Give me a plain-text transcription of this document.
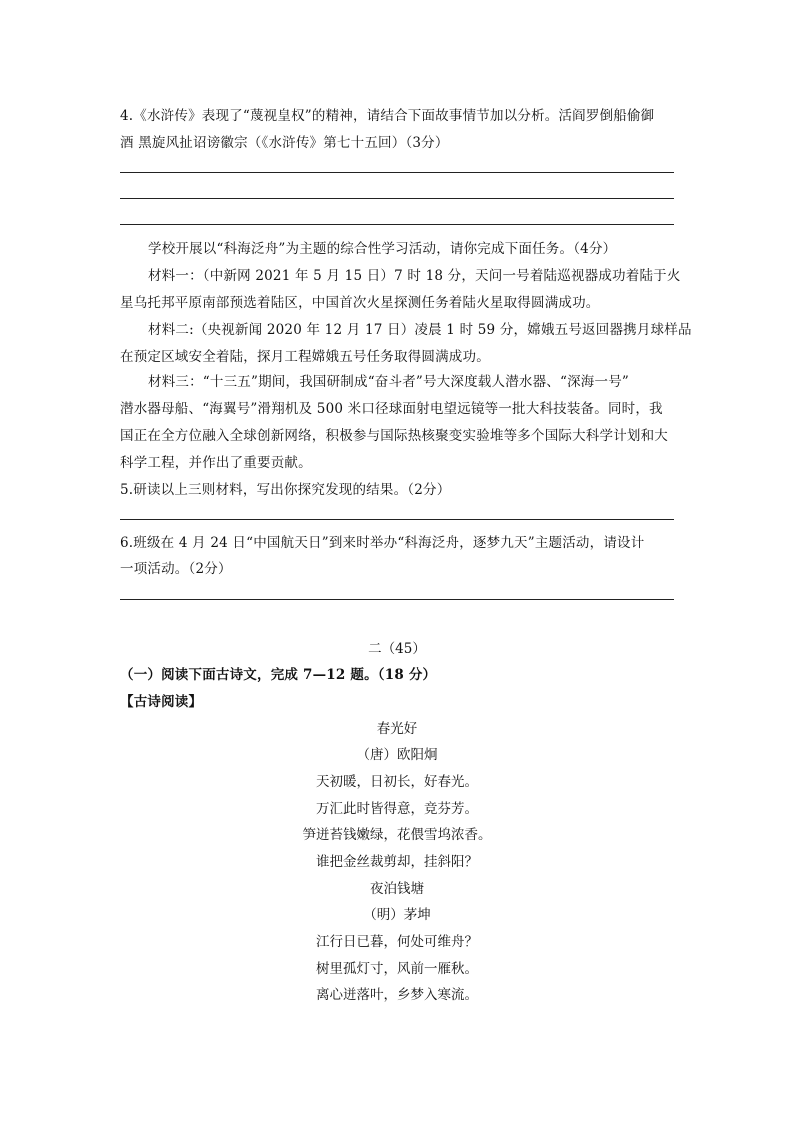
4.《水浒传》表现了“蔑视皇权”的精神，请结合下面故事情节加以分析。活阎罗倒船偷御
酒 黑旋风扯诏谤徽宗（《水浒传》第七十五回）（3分）
学校开展以“科海泛舟”为主题的综合性学习活动，请你完成下面任务。（4分）
材料一：（中新网 2021 年 5 月 15 日）7 时 18 分，天问一号着陆巡视器成功着陆于火
星乌托邦平原南部预选着陆区，中国首次火星探测任务着陆火星取得圆满成功。
材料二:（央视新闻 2020 年 12 月 17 日）凌晨 1 时 59 分，嫦娥五号返回器携月球样品
在预定区域安全着陆，探月工程嫦娥五号任务取得圆满成功。
材料三：“十三五”期间，我国研制成“奋斗者”号大深度载人潜水器、“深海一号”
潜水器母船、“海翼号”滑翔机及 500 米口径球面射电望远镜等一批大科技装备。同时，我
国正在全方位融入全球创新网络，积极参与国际热核聚变实验堆等多个国际大科学计划和大
科学工程，并作出了重要贡献。
5.研读以上三则材料，写出你探究发现的结果。（2分）
6.班级在 4 月 24 日“中国航天日”到来时举办“科海泛舟，逐梦九天”主题活动，请设计
一项活动。（2分）
二（45）
（一）阅读下面古诗文，完成 7—12 题。（18 分）
【古诗阅读】
春光好
（唐）欧阳炯
天初暖，日初长，好春光。
万汇此时皆得意，竞芬芳。
笋迸苔钱嫩绿，花偎雪坞浓香。
谁把金丝裁剪却，挂斜阳？
夜泊钱塘
（明）茅坤
江行日已暮，何处可维舟？
树里孤灯寸，风前一雁秋。
离心迸落叶，乡梦入寒流。
